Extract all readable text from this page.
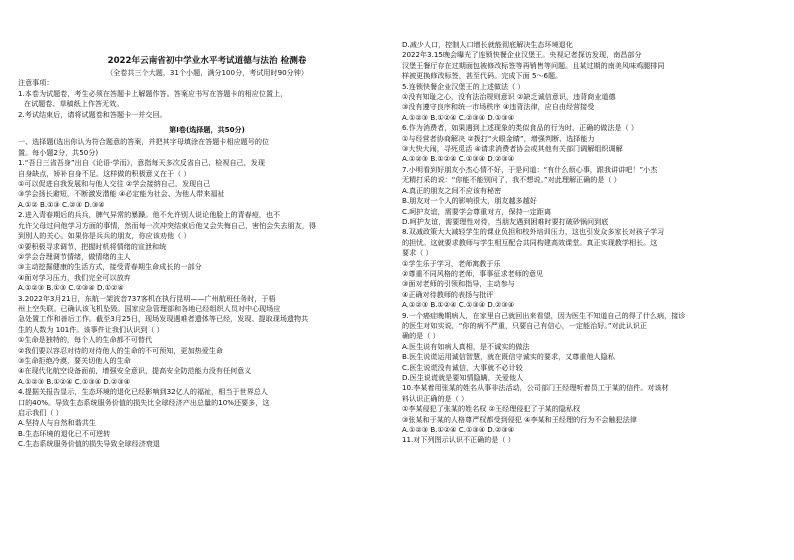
2022年云南省初中学业水平考试道德与法治 检测卷
（全卷共三个大题，31个小题，满分100分，考试用时90分钟）
注意事项：
1.本卷为试题卷，考生必须在答题卡上解题作答。答案应书写在答题卡的相应位置上，
在试题卷、草稿纸上作答无效。
2.考试结束后，请将试题卷和答题卡一并交回。
第Ⅰ卷(选择题，共50分)
一、选择题(选出你认为符合题意的答案，并把其字母填涂在答题卡相应题号的位
置。每小题2分，共50分)
1.“吾日三省吾身”出自《论语·学而》，意指每天多次反省自己、检视自己，发现
自身缺点，矫补自身不足。这样做的积极意义在于（ ）
①可以促进自我发展和与他人交往 ②学会接纳自己，发现自己
③学会扬长避短，不断激发潜能 ④必定能为社会、为他人带来福祉
A.①② B.①③ C.②③ D.③④
2.进入青春期后的兵兵，脾气异常的暴躁。他不允许别人说论他脸上的青春痘，也不
允许父母过问他学习方面的事情，然而每一次冲突结束后他又会失悔自己，害怕会失去朋友，得
到别人的关心。如果你是兵兵的朋友，你应该劝他（ ）
①要积极寻求调节，把握时机将情绪的宣泄和统
②学会合理调节情绪，做情绪的主人
③主动挖掘健康的生活方式，接受青春期生命成长的一部分
④面对学习压力，我们完全可以放弃
A.①②③ B.①③ C.②③④ D.①②④
3.2022年3月21日，东航一架波音737客机在执行昆明——广州航班任务时，于梧
州上空失联。已确认该飞机坠毁。国家应急管理部和各地已经组织人员对中心现场应
急处置工作和善后工作。截至3月25日，现场发现遇难者遗体等已经，发现、提取现场遗物共
生的人数为 101件。该事件让我们认识到（ ）
①生命是独特的，每个人的生命都不可替代
②我们要以容忍对待的对待他人的生命的不可预知，更加热爱生命
③生命拒绝冷漠，要关切他人的生命
④在现代化航空设备面前，增强安全意识，提高安全防范能力没有任何意义
A.①②③ B.①②④ C.①③④ D.②③④
4.提据关报告显示，生态环境的退化已经影响到32亿人的福祉，相当于世界总人
口的40%。导致生态系统服务价值的损失比全球经济产出总量的10%还要多，这
启示我们（ ）
A.坚持人与自然和谐共生
B.生态环境的退化已不可逆转
C.生态系统服务价值的损失导致全球经济衰退
D.减少人口，控制人口增长就能彻底解决生态环境退化
2022年3.15晚会曝光了连锁快餐企业汉堡王。央视记者探访发现，南昌部分
汉堡王餐厅存在过期面包被修改标签等再销售等问题。且某过期的南美风味鸡腿排同
样被更换修改标签，甚至代码。完成下面 5～6题。
5.连锁快餐企业汉堡王的上述做法（ ）
①没有知耻之心，没有法治规则意识 ②缺乏诚信意识，违背商业道德
③没有遵守良序和统一市场秩序 ④违背法律，应自由经营接受
A.①②③ B.①②④ C.②③④ D.①③④
6.作为消费者，如果遇到上述现象的类似食品的行为时，正确的做法是（ ）
①与经营者协商解决 ②拨打“火眼金睛”，增强判断、选择能力
③大快大闹，寻死觅活 ④请求消费者协会或其他有关部门调解组织调解
A.①②③ B.①②④ C.①③④ D.②③④
7.小明看到好朋友小杰心情不好，于是问道：“有什么烦心事，跟我讲讲吧！”小杰
无精打采的说：“你能不能别问了，我不想说。”对此理解正确的是（ ）
A.真正的朋友之间不应该有秘密
B.朋友对一个人的影响很大，朋友越多越好
C.呵护友谊，需要学会尊重对方，保持一定距离
D.呵护友谊，需要理性对待，当朋友遇到困难时要打破砂锅问到底
8.双减政策大大减轻学生的课业负担和校外培训压力，这也引发众多家长对孩子学习
的担忧。这就要求教师与学生相互配合共同构建高效课堂。真正实现教学相长。这
要求（ ）
①学生乐于学习，老师寓教于乐
②尊重不同风格的老师，事事征求老师的意见
③面对老师的引领和指导，主动参与
④正确对待教师的表扬与批评
A.①②③ B.①②④ C.①③④ D.②③④
9.一个癌症晚期病人，在家里自己就回出来看望，因为医生不知道自己的得了什么病，接诊
的医生对如实说，“你的病不严重，只要自己有信心，一定能治好。”对此认识正
确的是（ ）
A.医生说有如病人真相，是不诚实的做法
B.医生说谎运用诚信智慧，就在既信守诚实的要求，又尊重他人隐私
C.医生说谎没有诚信，大事就不必计较
D.医生说谎就是要知情隐瞒，关爱他人
10.李某着用张某的姓名从事非法活动，公司部门王经理听着员工于某的信件。对该材
料认识正确的是（ ）
①李某侵犯了张某的姓名权 ②王经理侵犯了于某的隐私权
③张某和于某的人格尊严权都受到侵犯 ④李某和王经理的行为不会触犯法律
A.①②③ B.①②④ C.①③④ D.②③④
11.对下列图示认识不正确的是（ ）
